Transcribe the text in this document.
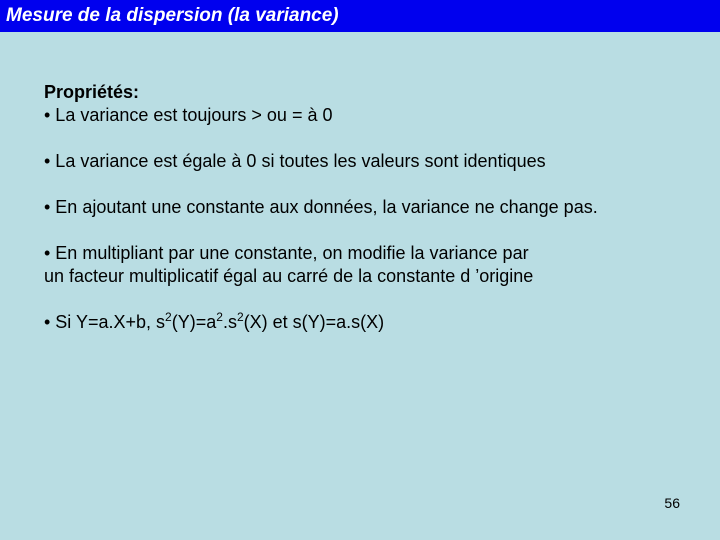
Mesure de la dispersion (la variance)
Propriétés:
• La variance est toujours > ou = à 0
• La variance est égale à 0 si toutes les valeurs sont identiques
• En ajoutant une constante aux données, la variance ne change pas.
• En multipliant par une constante, on modifie la variance par
un facteur multiplicatif égal au carré de la constante d ’origine
• Si Y=a.X+b, $s^2(Y)=a^2.s^2(X)$ et s(Y)=a.s(X)
56
